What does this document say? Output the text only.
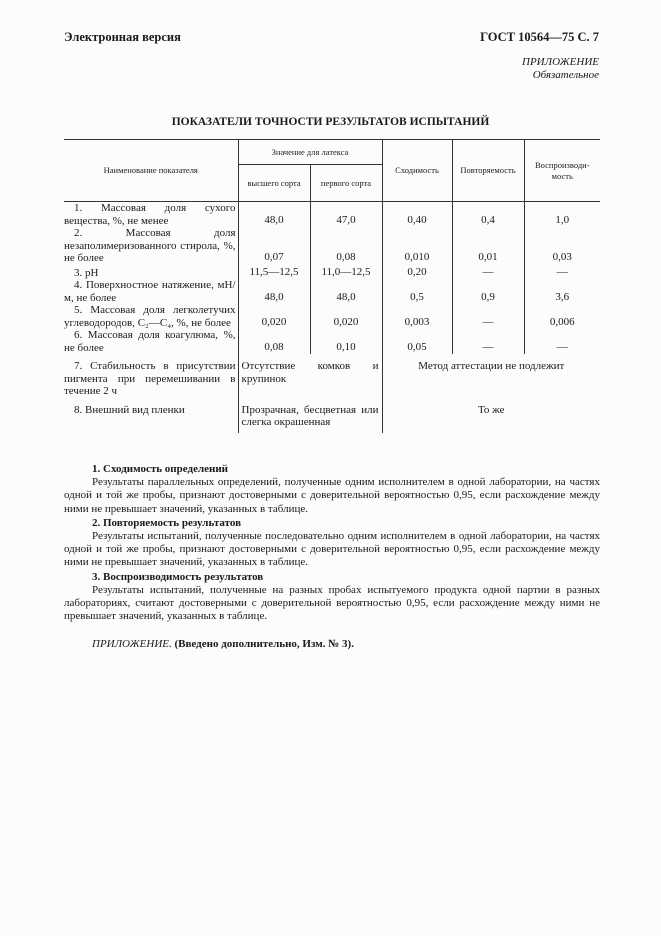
Электронная версия	ГОСТ 10564—75 С. 7
ПРИЛОЖЕНИЕ
Обязательное
ПОКАЗАТЕЛИ ТОЧНОСТИ РЕЗУЛЬТАТОВ ИСПЫТАНИЙ
Наименование показателя	Значение для латекса		Сходимость	Повторяемость	Воспроизводи-мость
	высшего сорта	первого сорта			
1. Массовая доля сухого вещества, %, не менее	48,0	47,0	0,40	0,4	1,0
2. Массовая доля незаполимеризованного стирола, %, не более	0,07	0,08	0,010	0,01	0,03
3. pH	11,5—12,5	11,0—12,5	0,20	—	—
4. Поверхностное натяжение, мН/м, не более	48,0	48,0	0,5	0,9	3,6
5. Массовая доля легколетучих углеводородов, C₂—C₄, %, не более	0,020	0,020	0,003	—	0,006
6. Массовая доля коагулюма, %, не более	0,08	0,10	0,05	—	—
7. Стабильность в присутствии пигмента при перемешивании в течение 2 ч	Отсутствие комков и крупинок		Метод аттестации не подлежит		
8. Внешний вид пленки	Прозрачная, бесцветная или слегка окрашенная		То же		

1. Сходимость определений

Результаты параллельных определений, полученные одним исполнителем в одной лаборатории, на частях одной и той же пробы, признают достоверными с доверительной вероятностью 0,95, если расхождение между ними не превышает значений, указанных в таблице.

2. Повторяемость результатов

Результаты испытаний, полученные последовательно одним исполнителем в одной лаборатории, на частях одной и той же пробы, признают достоверными с доверительной вероятностью 0,95, если расхождение между ними не превышает значений, указанных в таблице.

3. Воспроизводимость результатов

Результаты испытаний, полученные на разных пробах испытуемого продукта одной партии в разных лабораториях, считают достоверными с доверительной вероятностью 0,95, если расхождение между ними не превышает значений, указанных в таблице.

ПРИЛОЖЕНИЕ. (Введено дополнительно, Изм. № 3).
